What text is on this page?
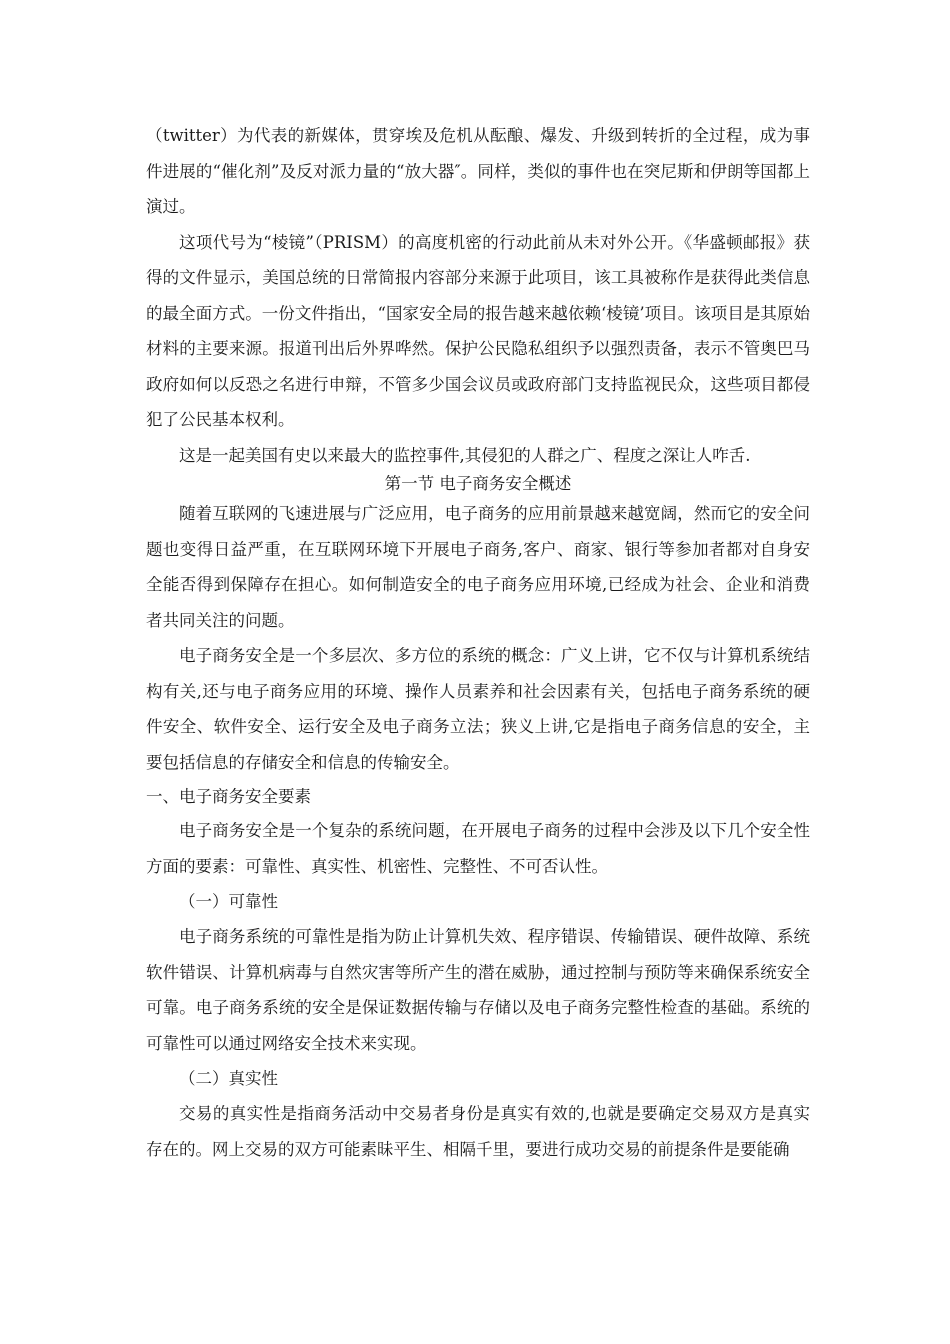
（twitter）为代表的新媒体，贯穿埃及危机从酝酿、爆发、升级到转折的全过程，成为事件进展的“催化剂”及反对派力量的“放大器″。同样，类似的事件也在突尼斯和伊朗等国都上演过。

这项代号为“棱镜”（PRISM）的高度机密的行动此前从未对外公开。《华盛顿邮报》获得的文件显示，美国总统的日常简报内容部分来源于此项目，该工具被称作是获得此类信息的最全面方式。一份文件指出，“国家安全局的报告越来越依赖‘棱镜’项目。该项目是其原始材料的主要来源。报道刊出后外界哗然。保护公民隐私组织予以强烈责备，表示不管奥巴马政府如何以反恐之名进行申辩，不管多少国会议员或政府部门支持监视民众，这些项目都侵犯了公民基本权利。

这是一起美国有史以来最大的监控事件,其侵犯的人群之广、程度之深让人咋舌.

第一节 电子商务安全概述

随着互联网的飞速进展与广泛应用，电子商务的应用前景越来越宽阔，然而它的安全问题也变得日益严重，在互联网环境下开展电子商务,客户、商家、银行等参加者都对自身安全能否得到保障存在担心。如何制造安全的电子商务应用环境,已经成为社会、企业和消费者共同关注的问题。

电子商务安全是一个多层次、多方位的系统的概念：广义上讲，它不仅与计算机系统结构有关,还与电子商务应用的环境、操作人员素养和社会因素有关，包括电子商务系统的硬件安全、软件安全、运行安全及电子商务立法；狭义上讲,它是指电子商务信息的安全，主要包括信息的存储安全和信息的传输安全。

一、电子商务安全要素

电子商务安全是一个复杂的系统问题，在开展电子商务的过程中会涉及以下几个安全性方面的要素：可靠性、真实性、机密性、完整性、不可否认性。

（一）可靠性

电子商务系统的可靠性是指为防止计算机失效、程序错误、传输错误、硬件故障、系统软件错误、计算机病毒与自然灾害等所产生的潜在威胁，通过控制与预防等来确保系统安全可靠。电子商务系统的安全是保证数据传输与存储以及电子商务完整性检查的基础。系统的可靠性可以通过网络安全技术来实现。

（二）真实性

交易的真实性是指商务活动中交易者身份是真实有效的,也就是要确定交易双方是真实存在的。网上交易的双方可能素昧平生、相隔千里，要进行成功交易的前提条件是要能确
